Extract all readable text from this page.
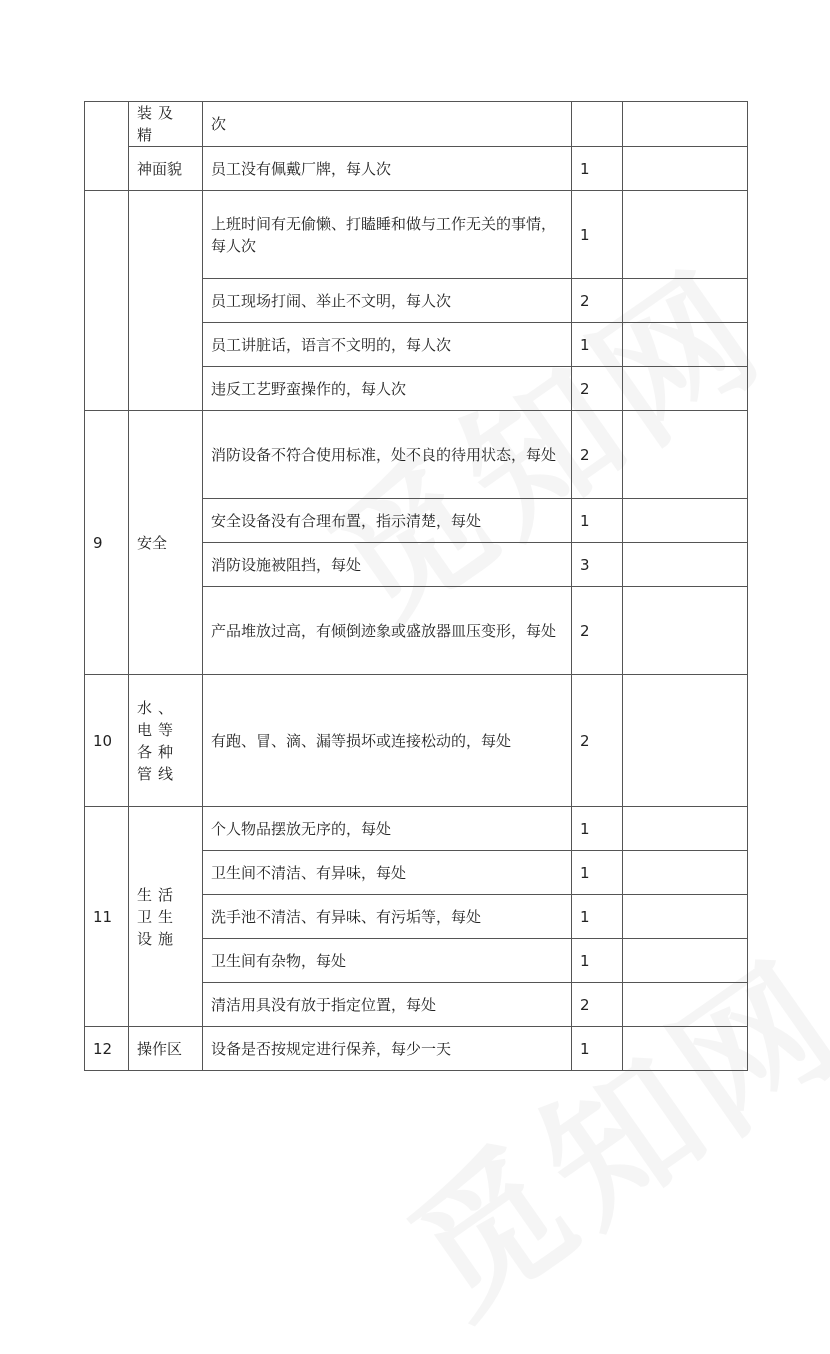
	装及精	次		
	神面貌	员工没有佩戴厂牌，每人次	1	
		上班时间有无偷懒、打瞌睡和做与工作无关的事情，每人次	1	
		员工现场打闹、举止不文明，每人次	2	
		员工讲脏话，语言不文明的，每人次	1	
		违反工艺野蛮操作的，每人次	2	
9	安全	消防设备不符合使用标准，处不良的待用状态，每处	2	
		安全设备没有合理布置，指示清楚，每处	1	
		消防设施被阻挡，每处	3	
		产品堆放过高，有倾倒迹象或盛放器皿压变形，每处	2	
10	水、电等各种管线	有跑、冒、滴、漏等损坏或连接松动的，每处	2	
11	生活卫生设施	个人物品摆放无序的，每处	1	
		卫生间不清洁、有异味，每处	1	
		洗手池不清洁、有异味、有污垢等，每处	1	
		卫生间有杂物，每处	1	
		清洁用具没有放于指定位置，每处	2	
12	操作区	设备是否按规定进行保养，每少一天	1	
